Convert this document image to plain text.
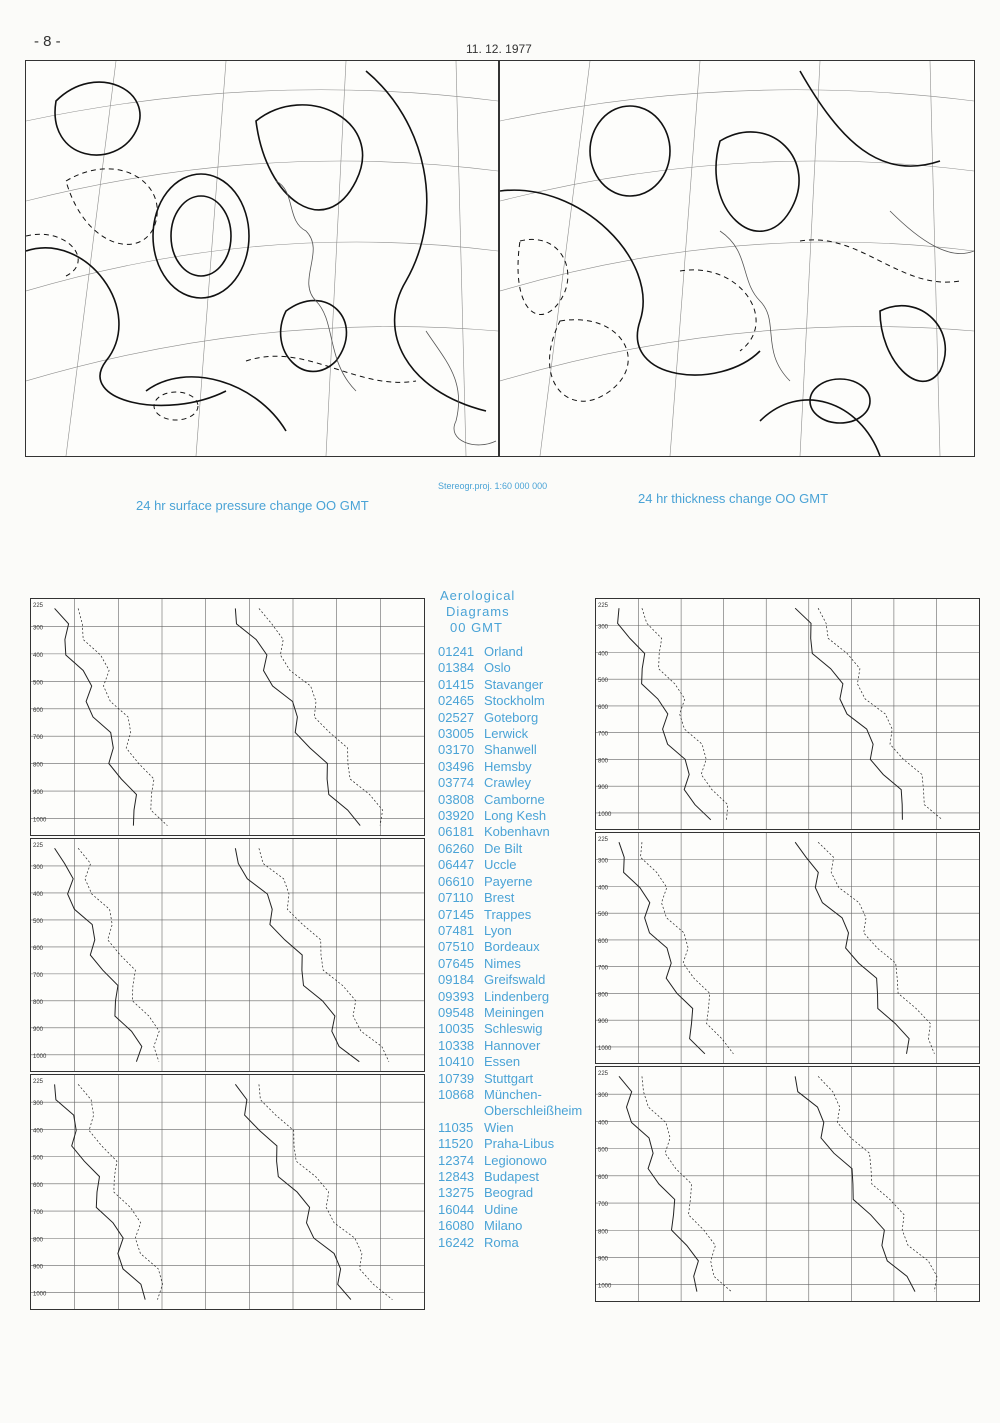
- 8 -	11. 12. 1977
Stereogr.proj. 1:60 000 000
24 hr surface pressure change OO GMT	24 hr thickness change OO GMT
225
300
400
500
600
700
800
900
1000
225
300
400
500
600
700
800
900
1000
225
300
400
500
600
700
800
900
1000
225
300
400
500
600
700
800
900
1000
225
300
400
500
600
700
800
900
1000
225
300
400
500
600
700
800
900
1000
Aerological
Diagrams
00 GMT
01241 Orland
01384 Oslo
01415 Stavanger
02465 Stockholm
02527 Goteborg
03005 Lerwick
03170 Shanwell
03496 Hemsby
03774 Crawley
03808 Camborne
03920 Long Kesh
06181 Kobenhavn
06260 De Bilt
06447 Uccle
06610 Payerne
07110 Brest
07145 Trappes
07481 Lyon
07510 Bordeaux
07645 Nimes
09184 Greifswald
09393 Lindenberg
09548 Meiningen
10035 Schleswig
10338 Hannover
10410 Essen
10739 Stuttgart
10868 München-Oberschleißheim
11035 Wien
11520 Praha-Libus
12374 Legionowo
12843 Budapest
13275 Beograd
16044 Udine
16080 Milano
16242 Roma
